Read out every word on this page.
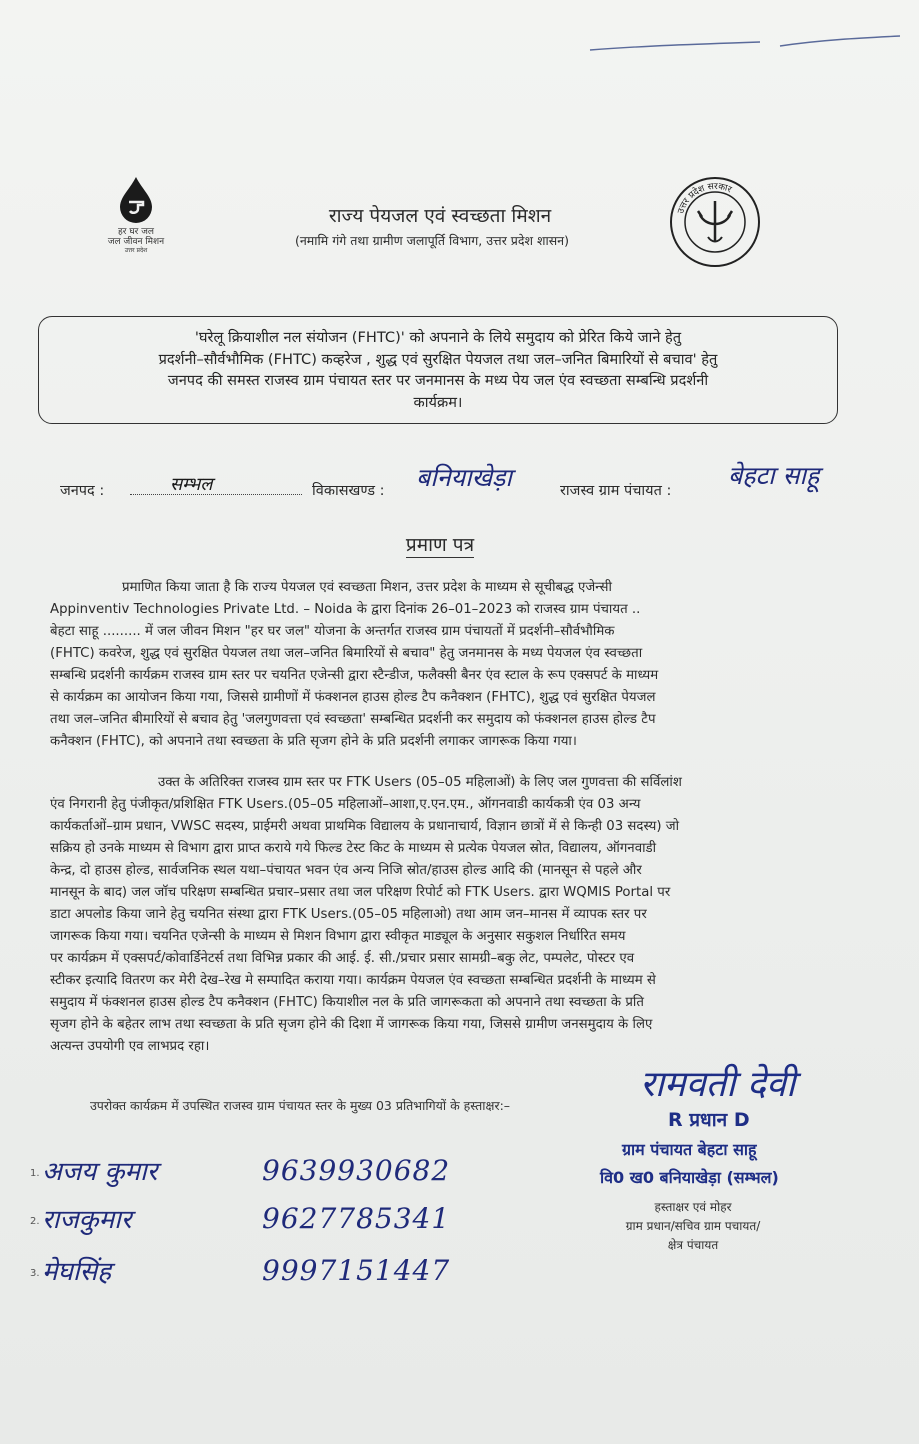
हर घर जल
जल जीवन मिशन
उत्तर प्रदेश
राज्य पेयजल एवं स्वच्छता मिशन
(नमामि गंगे तथा ग्रामीण जलापूर्ति विभाग, उत्तर प्रदेश शासन)
उत्तर प्रदेश सरकार
'घरेलू क्रियाशील नल संयोजन (FHTC)' को अपनाने के लिये समुदाय को प्रेरित किये जाने हेतु
प्रदर्शनी–सौर्वभौमिक (FHTC) कव्हरेज , शुद्ध एवं सुरक्षित पेयजल तथा जल–जनित बिमारियों से बचाव' हेतु
जनपद की समस्त राजस्व ग्राम पंचायत स्तर पर जनमानस के मध्य पेय जल एंव स्वच्छता सम्बन्धि प्रदर्शनी
कार्यक्रम।
जनपद :	सम्भल	विकासखण्ड : बनियाखेड़ा	राजस्व ग्राम पंचायत :
बेहटा साहू
प्रमाण पत्र
प्रमाणित किया जाता है कि राज्य पेयजल एवं स्वच्छता मिशन, उत्तर प्रदेश के माध्यम से सूचीबद्ध एजेन्सी
Appinventiv Technologies Private Ltd. – Noida के द्वारा दिनांक 26–01–2023 को राजस्व ग्राम पंचायत ..
बेहटा साहू ......... में जल जीवन मिशन "हर घर जल" योजना के अन्तर्गत राजस्व ग्राम पंचायतों में प्रदर्शनी–सौर्वभौमिक
(FHTC) कवरेज, शुद्ध एवं सुरक्षित पेयजल तथा जल–जनित बिमारियों से बचाव" हेतु जनमानस के मध्य पेयजल एंव स्वच्छता
सम्बन्धि प्रदर्शनी कार्यक्रम राजस्व ग्राम स्तर पर चयनित एजेन्सी द्वारा स्टैन्डीज, फलैक्सी बैनर एंव स्टाल के रूप एक्सपर्ट के माध्यम
से कार्यक्रम का आयोजन किया गया, जिससे ग्रामीणों में फंक्शनल हाउस होल्ड टैप कनैक्शन (FHTC), शुद्ध एवं सुरक्षित पेयजल
तथा जल–जनित बीमारियों से बचाव हेतु 'जलगुणवत्ता एवं स्वच्छता' सम्बन्धित प्रदर्शनी कर समुदाय को फंक्शनल हाउस होल्ड टैप
कनैक्शन (FHTC), को अपनाने तथा स्वच्छता के प्रति सृजग होने के प्रति प्रदर्शनी लगाकर जागरूक किया गया।
उक्त के अतिरिक्त राजस्व ग्राम स्तर पर FTK Users (05–05 महिलाओं) के लिए जल गुणवत्ता की सर्विलांश
एंव निगरानी हेतु पंजीकृत/प्रशिक्षित FTK Users.(05–05 महिलाओं–आशा,ए.एन.एम., ऑगनवाडी कार्यकत्री एंव 03 अन्य
कार्यकर्ताओं–ग्राम प्रधान, VWSC सदस्य, प्राईमरी अथवा प्राथमिक विद्यालय के प्रधानाचार्य, विज्ञान छात्रों में से किन्ही 03 सदस्य) जो
सक्रिय हो उनके माध्यम से विभाग द्वारा प्राप्त कराये गये फिल्ड टेस्ट किट के माध्यम से प्रत्येक पेयजल स्रोत, विद्यालय, ऑगनवाडी
केन्द्र, दो हाउस होल्ड, सार्वजनिक स्थल यथा–पंचायत भवन एंव अन्य निजि स्रोत/हाउस होल्ड आदि की (मानसून से पहले और
मानसून के बाद) जल जॉच परिक्षण सम्बन्धित प्रचार–प्रसार तथा जल परिक्षण रिपोर्ट को FTK Users. द्वारा WQMIS Portal पर
डाटा अपलोड किया जाने हेतु चयनित संस्था द्वारा FTK Users.(05–05 महिलाओ) तथा आम जन–मानस में व्यापक स्तर पर
जागरूक किया गया। चयनित एजेन्सी के माध्यम से मिशन विभाग द्वारा स्वीकृत माड्यूल के अनुसार सकुशल निर्धारित समय
पर कार्यक्रम में एक्सपर्ट/कोवार्डिनेटर्स तथा विभिन्न प्रकार की आई. ई. सी./प्रचार प्रसार सामग्री–बकु लेट, पम्पलेट, पोस्टर एव
स्टीकर इत्यादि वितरण कर मेरी देख–रेख मे सम्पादित कराया गया। कार्यक्रम पेयजल एंव स्वच्छता सम्बन्धित प्रदर्शनी के माध्यम से
समुदाय में फंक्शनल हाउस होल्ड टैप कनैक्शन (FHTC) कियाशील नल के प्रति जागरूकता को अपनाने तथा स्वच्छता के प्रति
सृजग होने के बहेतर लाभ तथा स्वच्छता के प्रति सृजग होने की दिशा में जागरूक किया गया, जिससे ग्रामीण जनसमुदाय के लिए
अत्यन्त उपयोगी एव लाभप्रद रहा।
उपरोक्त कार्यक्रम में उपस्थित राजस्व ग्राम पंचायत स्तर के मुख्य 03 प्रतिभागियों के हस्ताक्षर:–
1. अजय कुमार	9639930682
2. राजकुमार	9627785341
3. मेघसिंह	9997151447
रामवती देवी
R प्रधान D
ग्राम पंचायत बेहटा साहू
वि0 ख0 बनियाखेड़ा (सम्भल)
हस्ताक्षर एवं मोहर
ग्राम प्रधान/सचिव ग्राम पचायत/
क्षेत्र पंचायत
